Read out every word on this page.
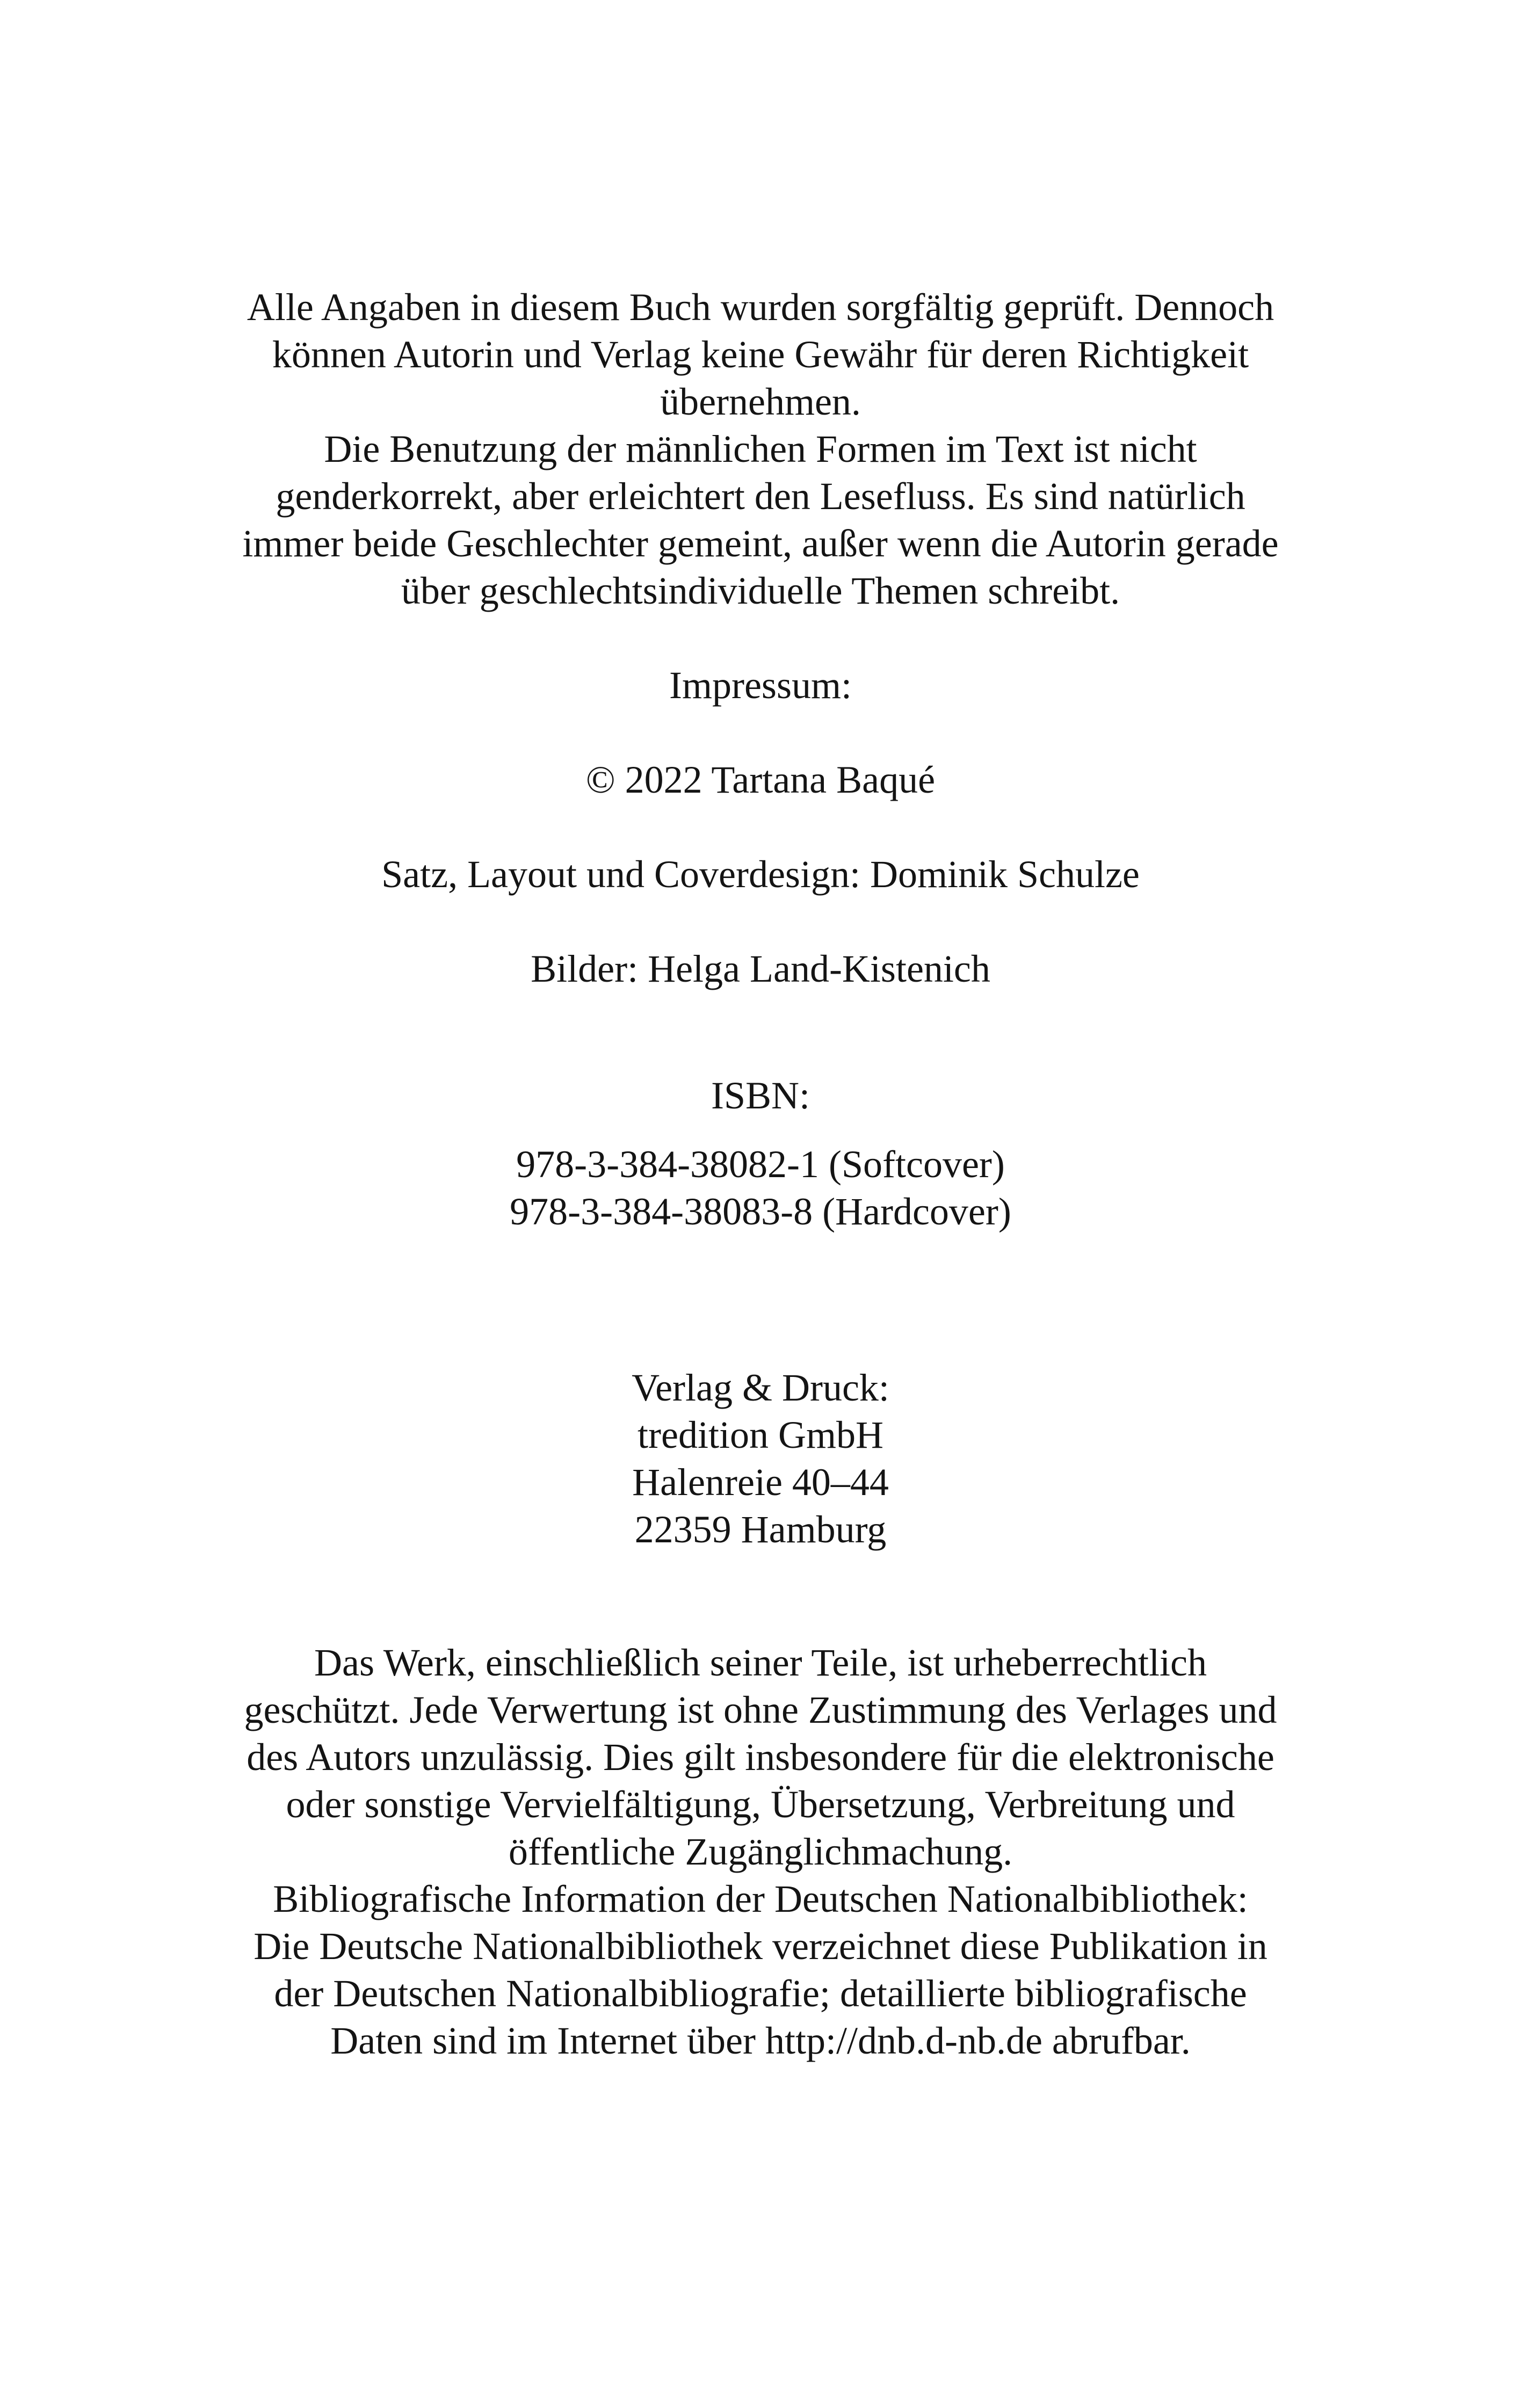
Alle Angaben in diesem Buch wurden sorgfältig geprüft. Dennoch
können Autorin und Verlag keine Gewähr für deren Richtigkeit
übernehmen.
Die Benutzung der männlichen Formen im Text ist nicht
genderkorrekt, aber erleichtert den Lesefluss. Es sind natürlich
immer beide Geschlechter gemeint, außer wenn die Autorin gerade
über geschlechtsindividuelle Themen schreibt.
Impressum:
© 2022 Tartana Baqué
Satz, Layout und Coverdesign: Dominik Schulze
Bilder: Helga Land-Kistenich
ISBN:
978-3-384-38082-1 (Softcover)
978-3-384-38083-8 (Hardcover)
Verlag & Druck:
tredition GmbH
Halenreie 40–44
22359 Hamburg
Das Werk, einschließlich seiner Teile, ist urheberrechtlich
geschützt. Jede Verwertung ist ohne Zustimmung des Verlages und
des Autors unzulässig. Dies gilt insbesondere für die elektronische
oder sonstige Vervielfältigung, Übersetzung, Verbreitung und
öffentliche Zugänglichmachung.
Bibliografische Information der Deutschen Nationalbibliothek:
Die Deutsche Nationalbibliothek verzeichnet diese Publikation in
der Deutschen Nationalbibliografie; detaillierte bibliografische
Daten sind im Internet über http://dnb.d-nb.de abrufbar.
